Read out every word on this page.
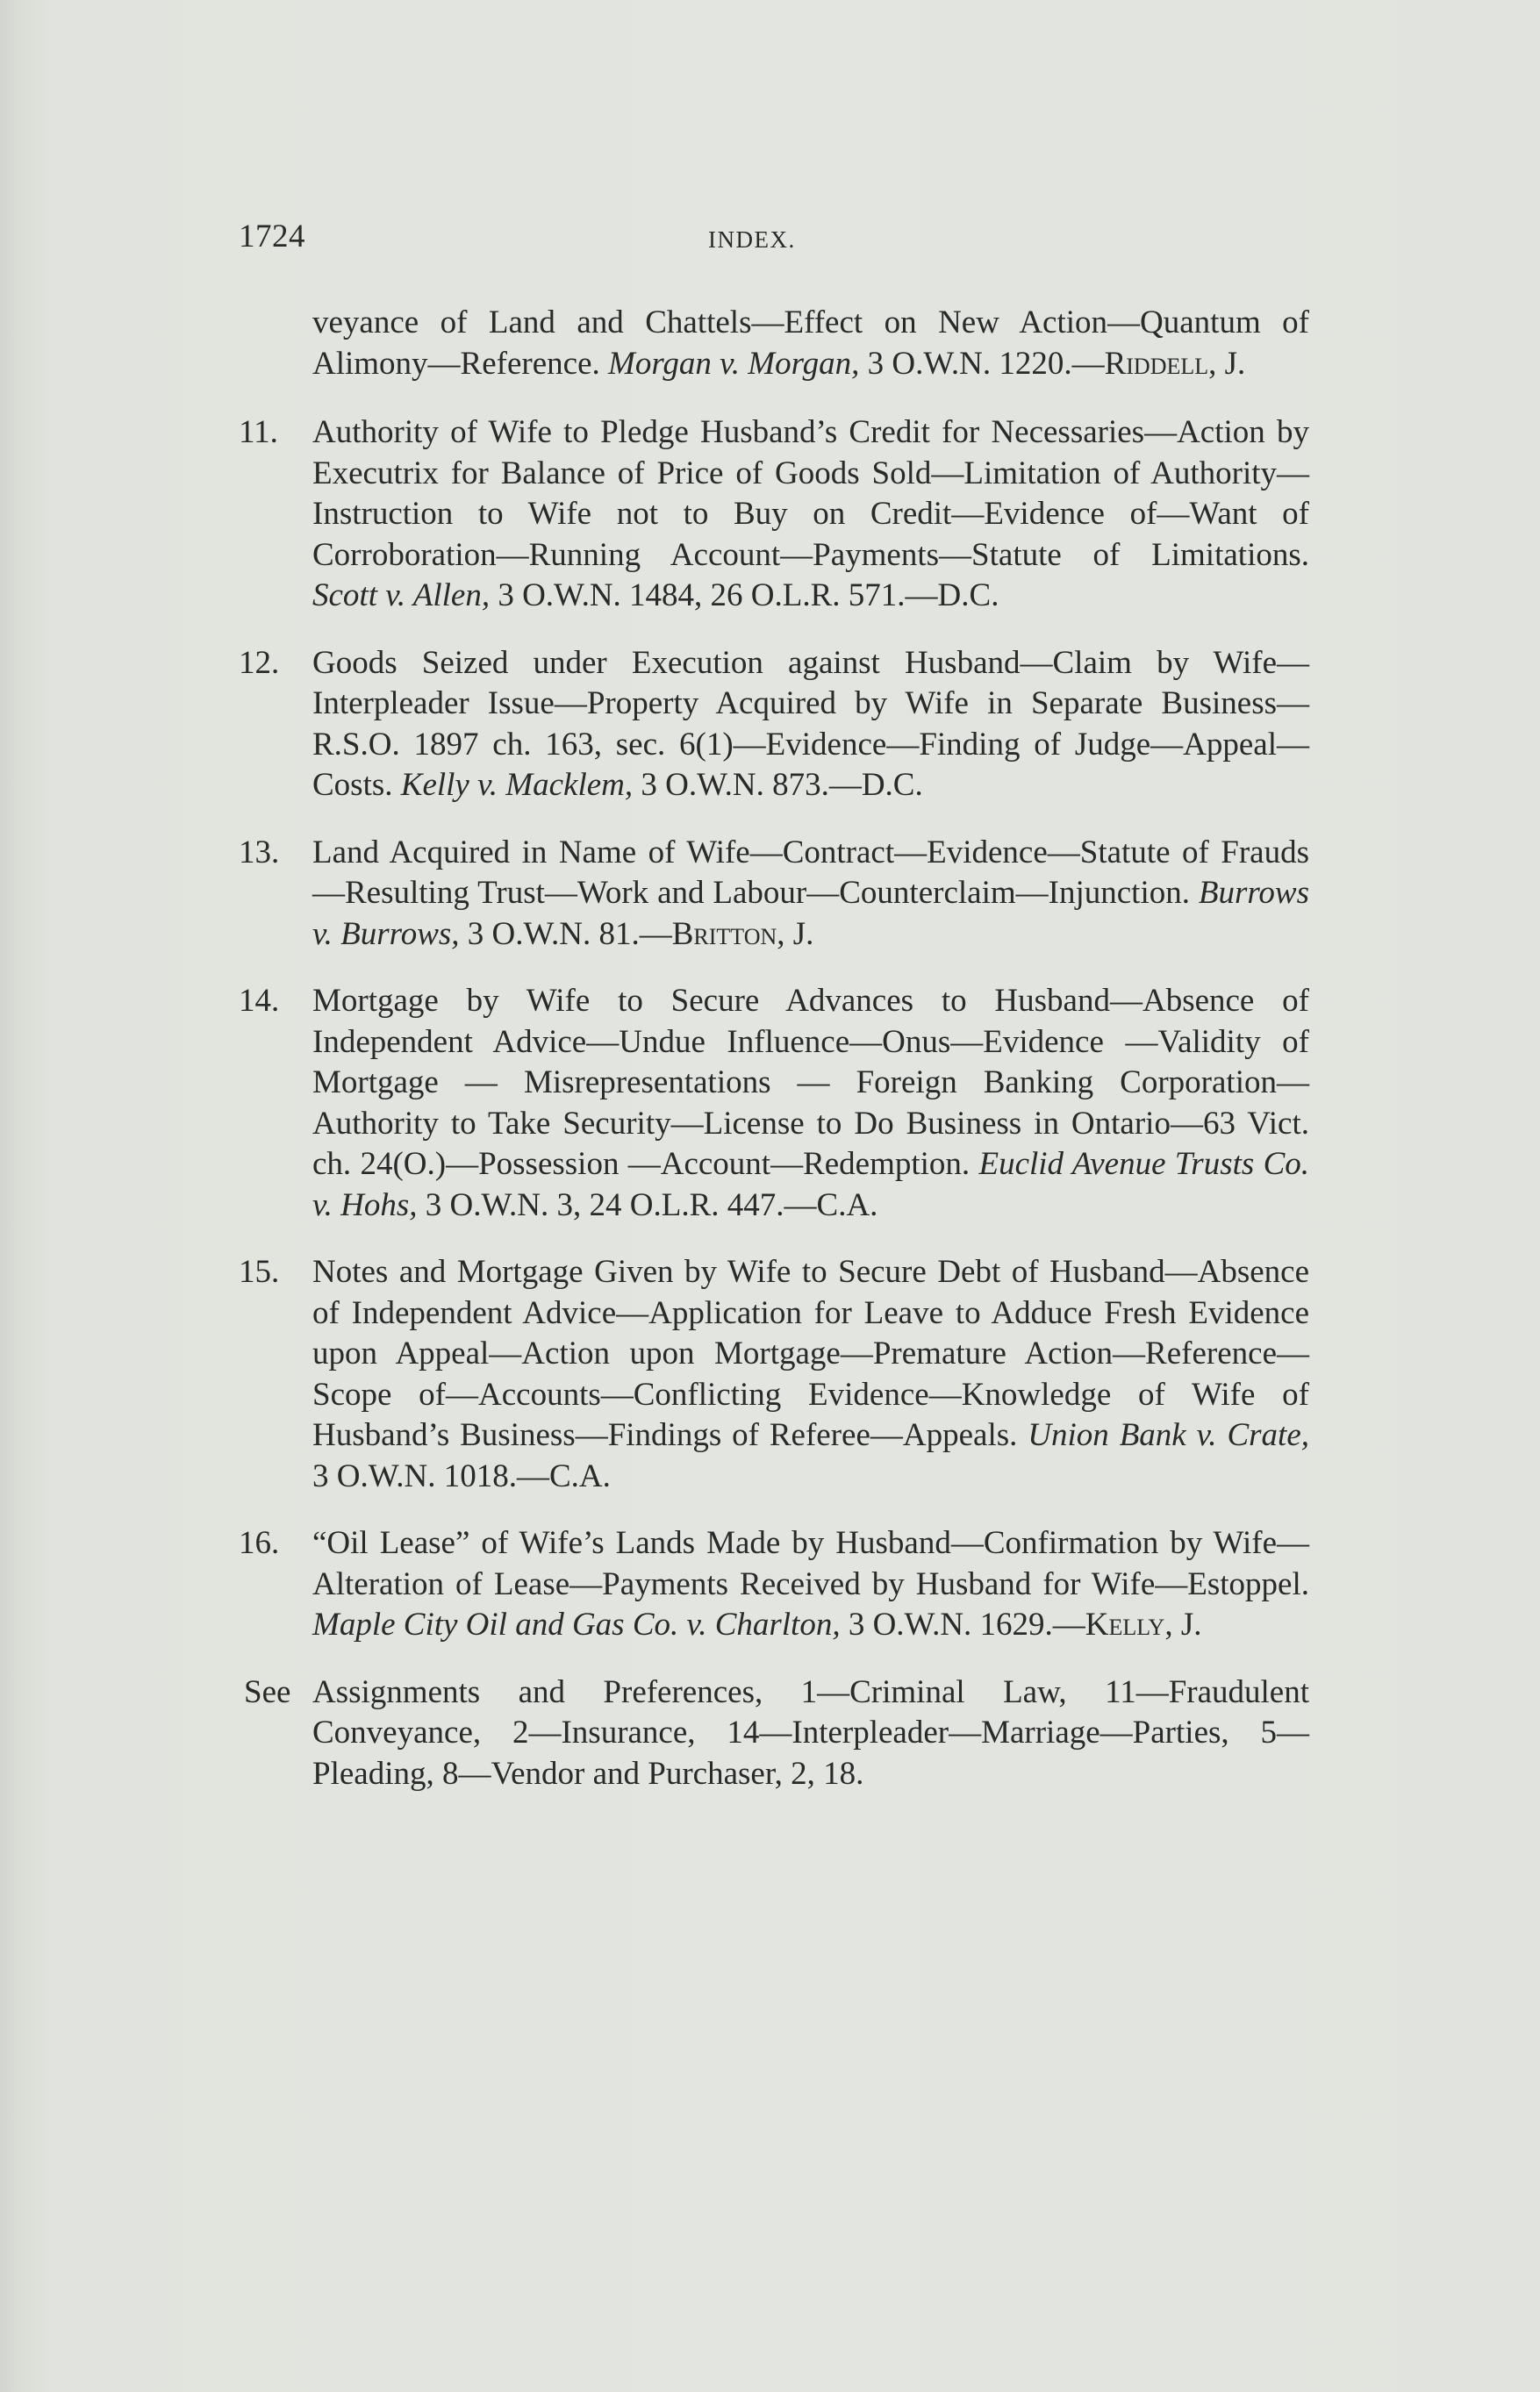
1724	INDEX.
veyance of Land and Chattels—Effect on New Action—Quantum of Alimony—Reference. Morgan v. Morgan, 3 O.W.N. 1220.—Riddell, J.
11.	Authority of Wife to Pledge Husband’s Credit for Necessaries—Action by Executrix for Balance of Price of Goods Sold—Limitation of Authority—Instruction to Wife not to Buy on Credit—Evidence of—Want of Corroboration—Running Account—Payments—Statute of Limitations. Scott v. Allen, 3 O.W.N. 1484, 26 O.L.R. 571.—D.C.
12.	Goods Seized under Execution against Husband—Claim by Wife—Interpleader Issue—Property Acquired by Wife in Separate Business—R.S.O. 1897 ch. 163, sec. 6(1)—Evidence—Finding of Judge—Appeal—Costs. Kelly v. Macklem, 3 O.W.N. 873.—D.C.
13.	Land Acquired in Name of Wife—Contract—Evidence—Statute of Frauds—Resulting Trust—Work and Labour—Counterclaim—Injunction. Burrows v. Burrows, 3 O.W.N. 81.—Britton, J.
14.	Mortgage by Wife to Secure Advances to Husband—Absence of Independent Advice—Undue Influence—Onus—Evidence —Validity of Mortgage — Misrepresentations — Foreign Banking Corporation—Authority to Take Security—License to Do Business in Ontario—63 Vict. ch. 24(O.)—Possession —Account—Redemption. Euclid Avenue Trusts Co. v. Hohs, 3 O.W.N. 3, 24 O.L.R. 447.—C.A.
15.	Notes and Mortgage Given by Wife to Secure Debt of Husband—Absence of Independent Advice—Application for Leave to Adduce Fresh Evidence upon Appeal—Action upon Mortgage—Premature Action—Reference—Scope of—Accounts—Conflicting Evidence—Knowledge of Wife of Husband’s Business—Findings of Referee—Appeals. Union Bank v. Crate, 3 O.W.N. 1018.—C.A.
16.	“Oil Lease” of Wife’s Lands Made by Husband—Confirmation by Wife—Alteration of Lease—Payments Received by Husband for Wife—Estoppel. Maple City Oil and Gas Co. v. Charlton, 3 O.W.N. 1629.—Kelly, J.
See Assignments and Preferences, 1—Criminal Law, 11—Fraudulent Conveyance, 2—Insurance, 14—Interpleader—Marriage—Parties, 5—Pleading, 8—Vendor and Purchaser, 2, 18.
